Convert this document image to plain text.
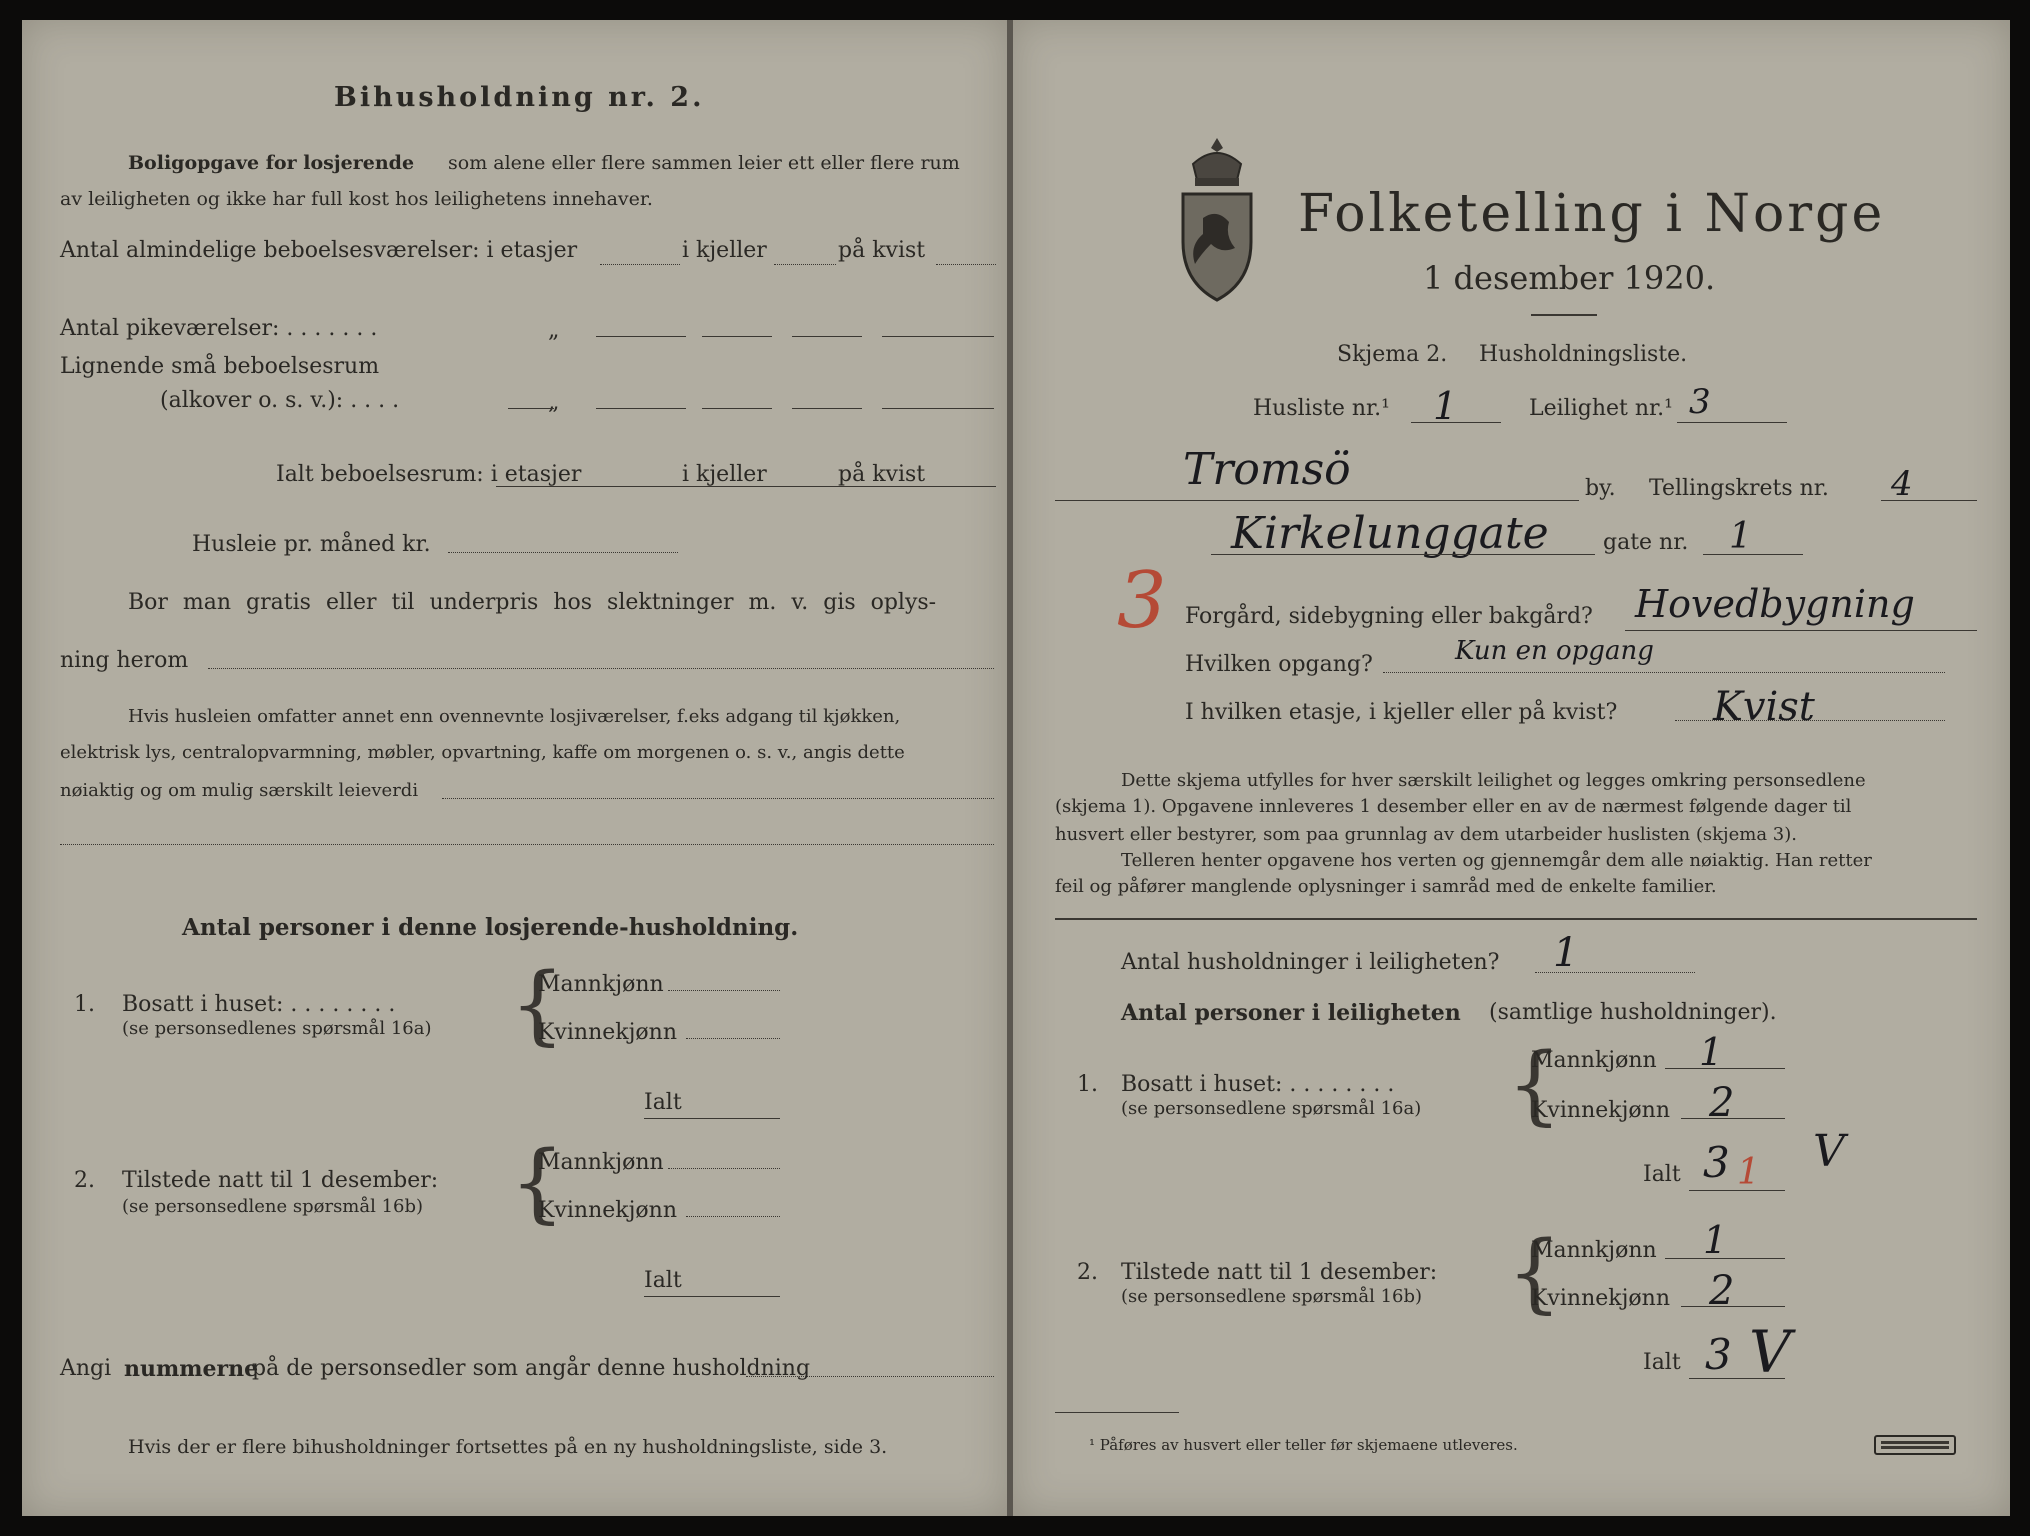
Bihusholdning nr. 2.
Boligopgave for losjerende som alene eller flere sammen leier ett eller flere rum
av leiligheten og ikke har full kost hos leilighetens innehaver.
Antal almindelige beboelsesværelser: i etasjer	i kjeller	på kvist
Antal pikeværelser: . . . . . . .	„
Lignende små beboelsesrum
(alkover o. s. v.): . . . .	„
Ialt beboelsesrum: i etasjer	i kjeller	på kvist
Husleie pr. måned kr.
Bor man gratis eller til underpris hos slektninger m. v. gis oplys-
ning herom
Hvis husleien omfatter annet enn ovennevnte losjiværelser, f.eks adgang til kjøkken,
elektrisk lys, centralopvarmning, møbler, opvartning, kaffe om morgenen o. s. v., angis dette
nøiaktig og om mulig særskilt leieverdi
Antal personer i denne losjerende-husholdning.
1. Bosatt i huset: . . . . . . . .
(se personsedlenes spørsmål 16a) {
Mannkjønn
Kvinnekjønn
Ialt
2. Tilstede natt til 1 desember:
(se personsedlene spørsmål 16b) {
Mannkjønn
Kvinnekjønn
Ialt
Angi nummerne
på de personsedler som angår denne husholdning
Hvis der er flere bihusholdninger fortsettes på en ny husholdningsliste, side 3.
Folketelling i Norge
1 desember 1920.
Skjema 2. Husholdningsliste.
Husliste nr.¹ 1	Leilighet nr.¹ 3
Tromsö	by. Tellingskrets nr. 4
Kirkelunggate gate nr. 1
3 Forgård, sidebygning eller bakgård? Hovedbygning
Hvilken opgang?	Kun en opgang
I hvilken etasje, i kjeller eller på kvist? Kvist
Dette skjema utfylles for hver særskilt leilighet og legges omkring personsedlene
(skjema 1). Opgavene innleveres 1 desember eller en av de nærmest følgende dager til
husvert eller bestyrer, som paa grunnlag av dem utarbeider huslisten (skjema 3).
Telleren henter opgavene hos verten og gjennemgår dem alle nøiaktig. Han retter
feil og påfører manglende oplysninger i samråd med de enkelte familier.
Antal husholdninger i leiligheten? 1
Antal personer i leiligheten (samtlige husholdninger).
1. Bosatt i huset: . . . . . . . .
(se personsedlene spørsmål 16a) {
Mannkjønn 1
Kvinnekjønn 2
Ialt 3 1 V
2. Tilstede natt til 1 desember:
(se personsedlene spørsmål 16b) {
Mannkjønn 1
Kvinnekjønn 2
Ialt 3 V
¹ Påføres av husvert eller teller før skjemaene utleveres.
